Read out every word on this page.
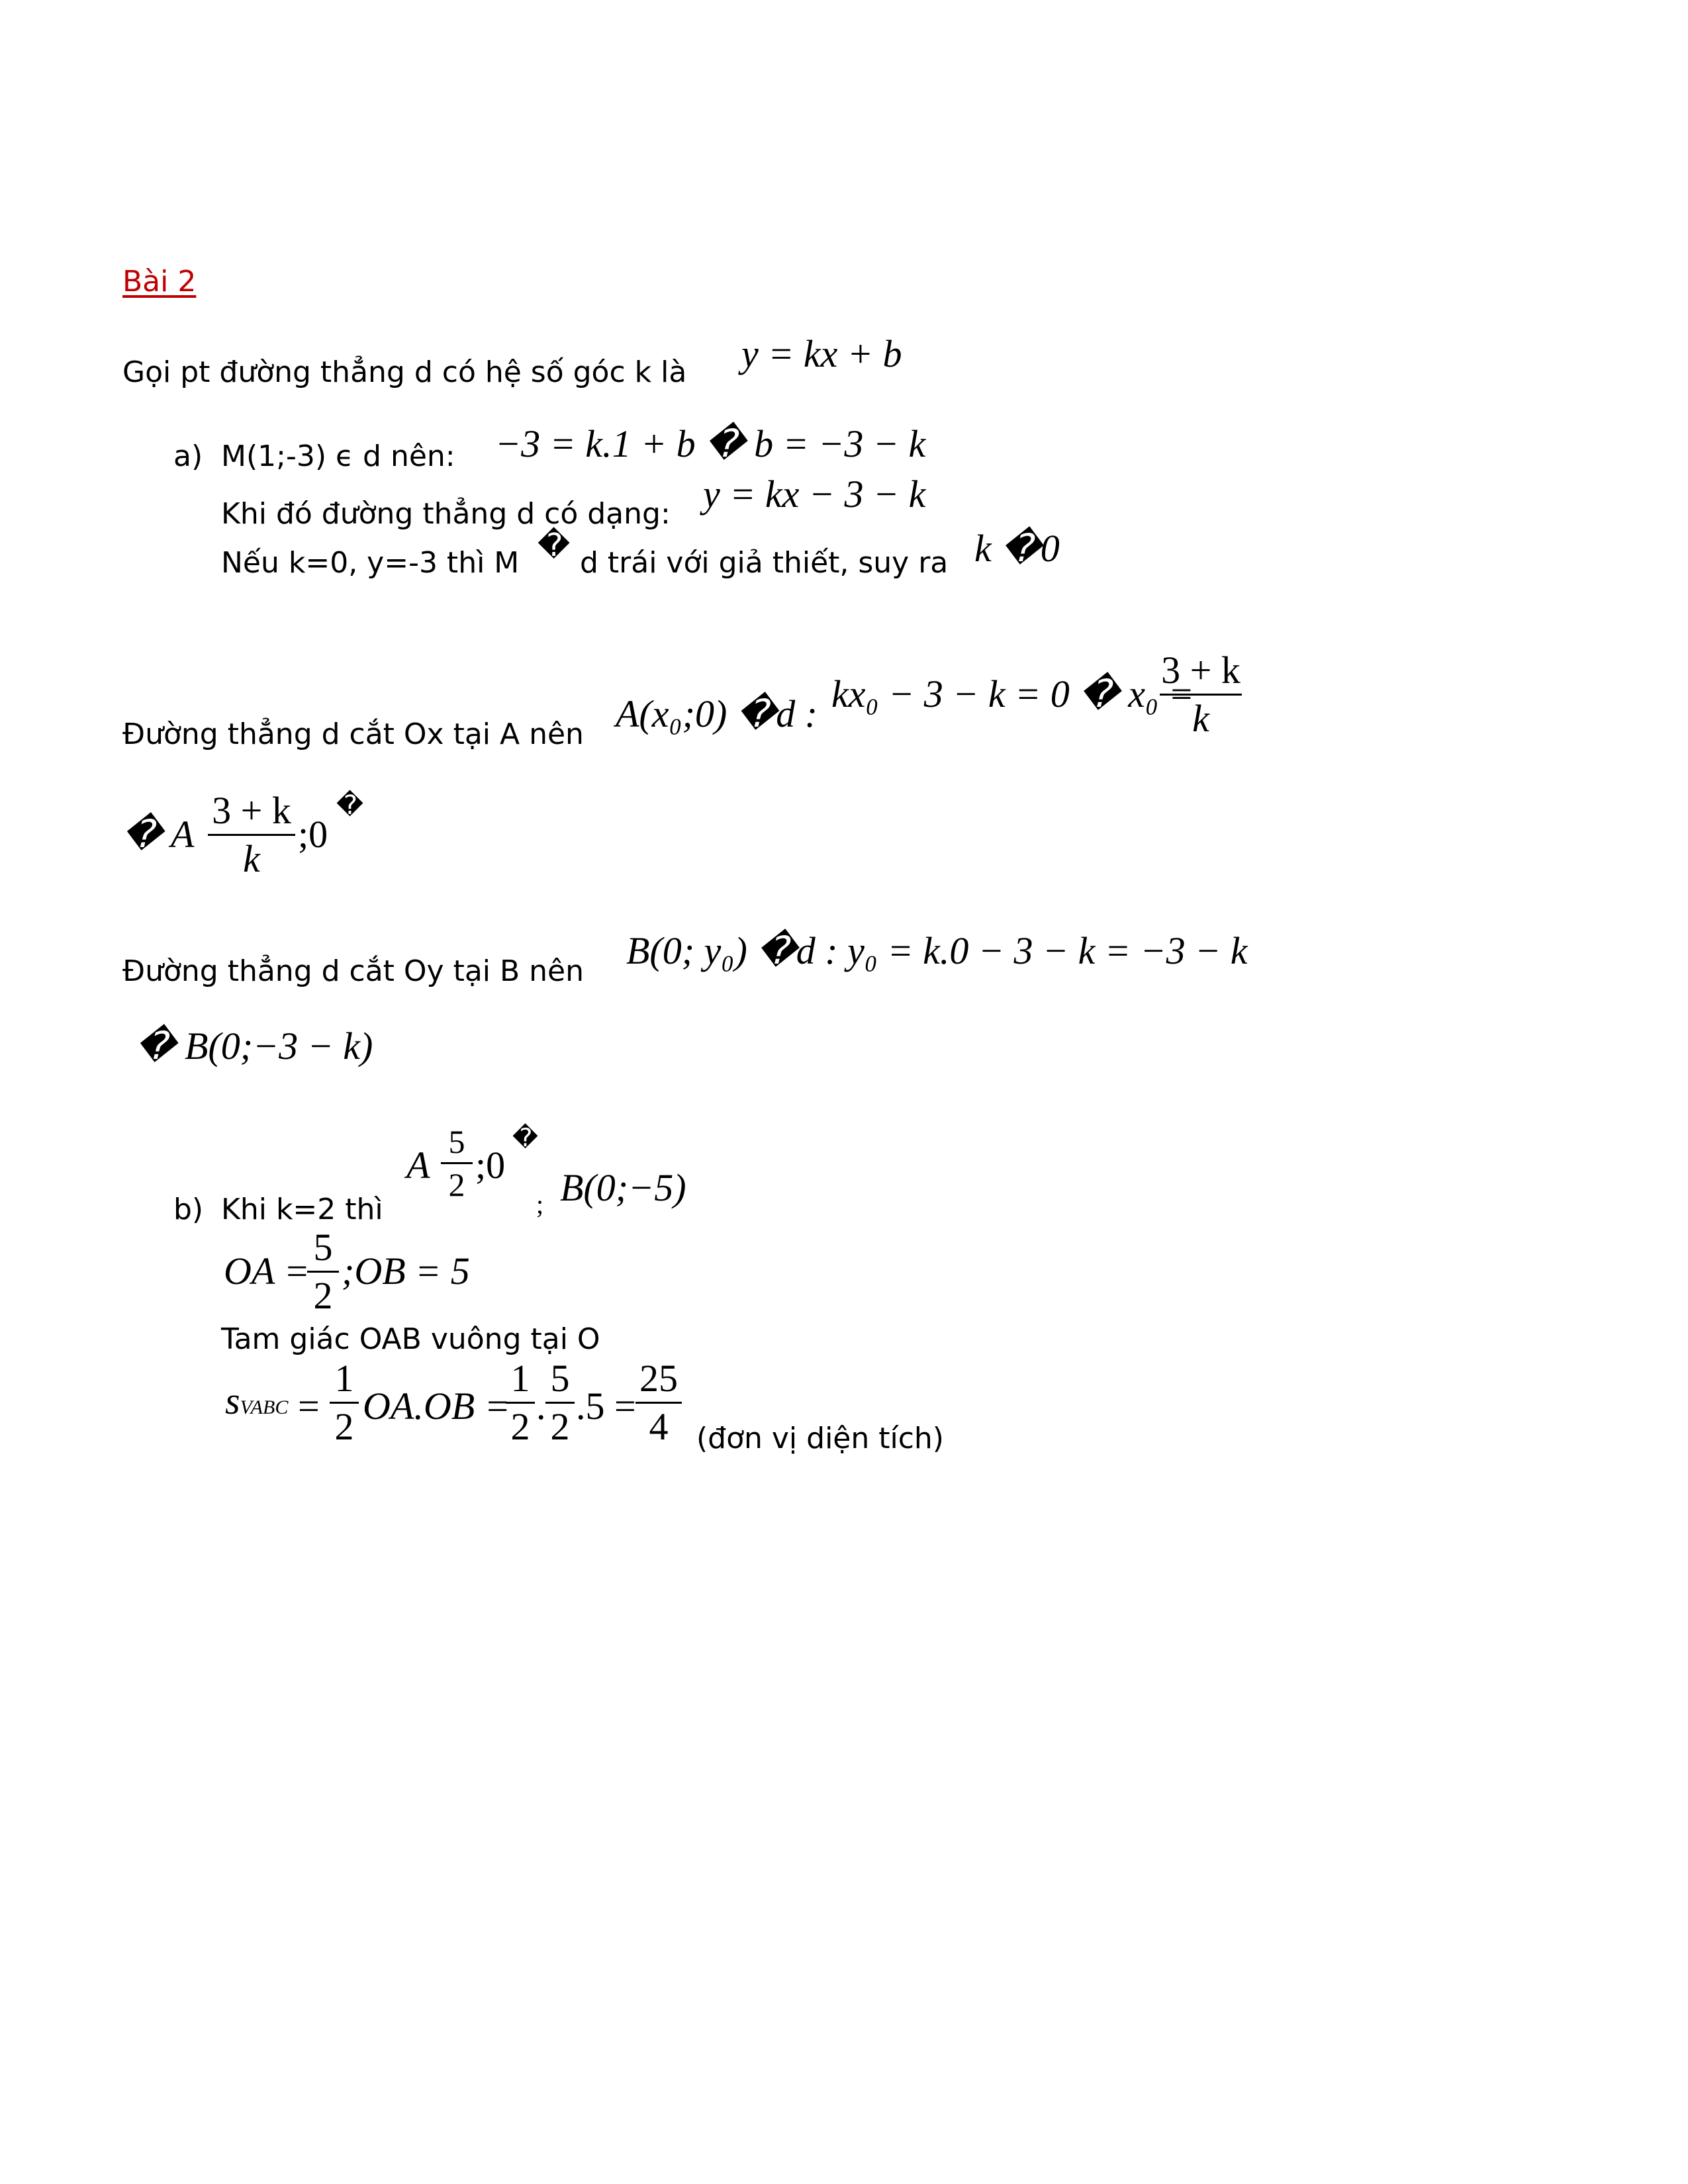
Bài 2
Gọi pt đường thẳng d có hệ số góc k là y = kx + b
a) M(1;-3) ϵ d nên: −3 = k.1 + b � b = −3 − k
Khi đó đường thẳng d có dạng: y = kx − 3 − k
Nếu k=0, y=-3 thì M � d trái với giả thiết, suy ra k �0
Đường thẳng d cắt Ox tại A nên A(x₀;0) �d : kx₀ − 3 − k = 0 � x₀ =
3 + k
k
� A
3 + k
k
;0
�
Đường thẳng d cắt Oy tại B nên B(0; y₀) �d : y₀ = k.0 − 3 − k = −3 − k
� B(0;−3 − k)
b) Khi k=2 thì
A
5
2 ;0
�
; B(0;−5)
OA =
5
2
;OB = 5
Tam giác OAB vuông tại O
sVABC =
1
2 OA.OB =
1
2 .
5
2 .5 =
25
4 (đơn vị diện tích)
